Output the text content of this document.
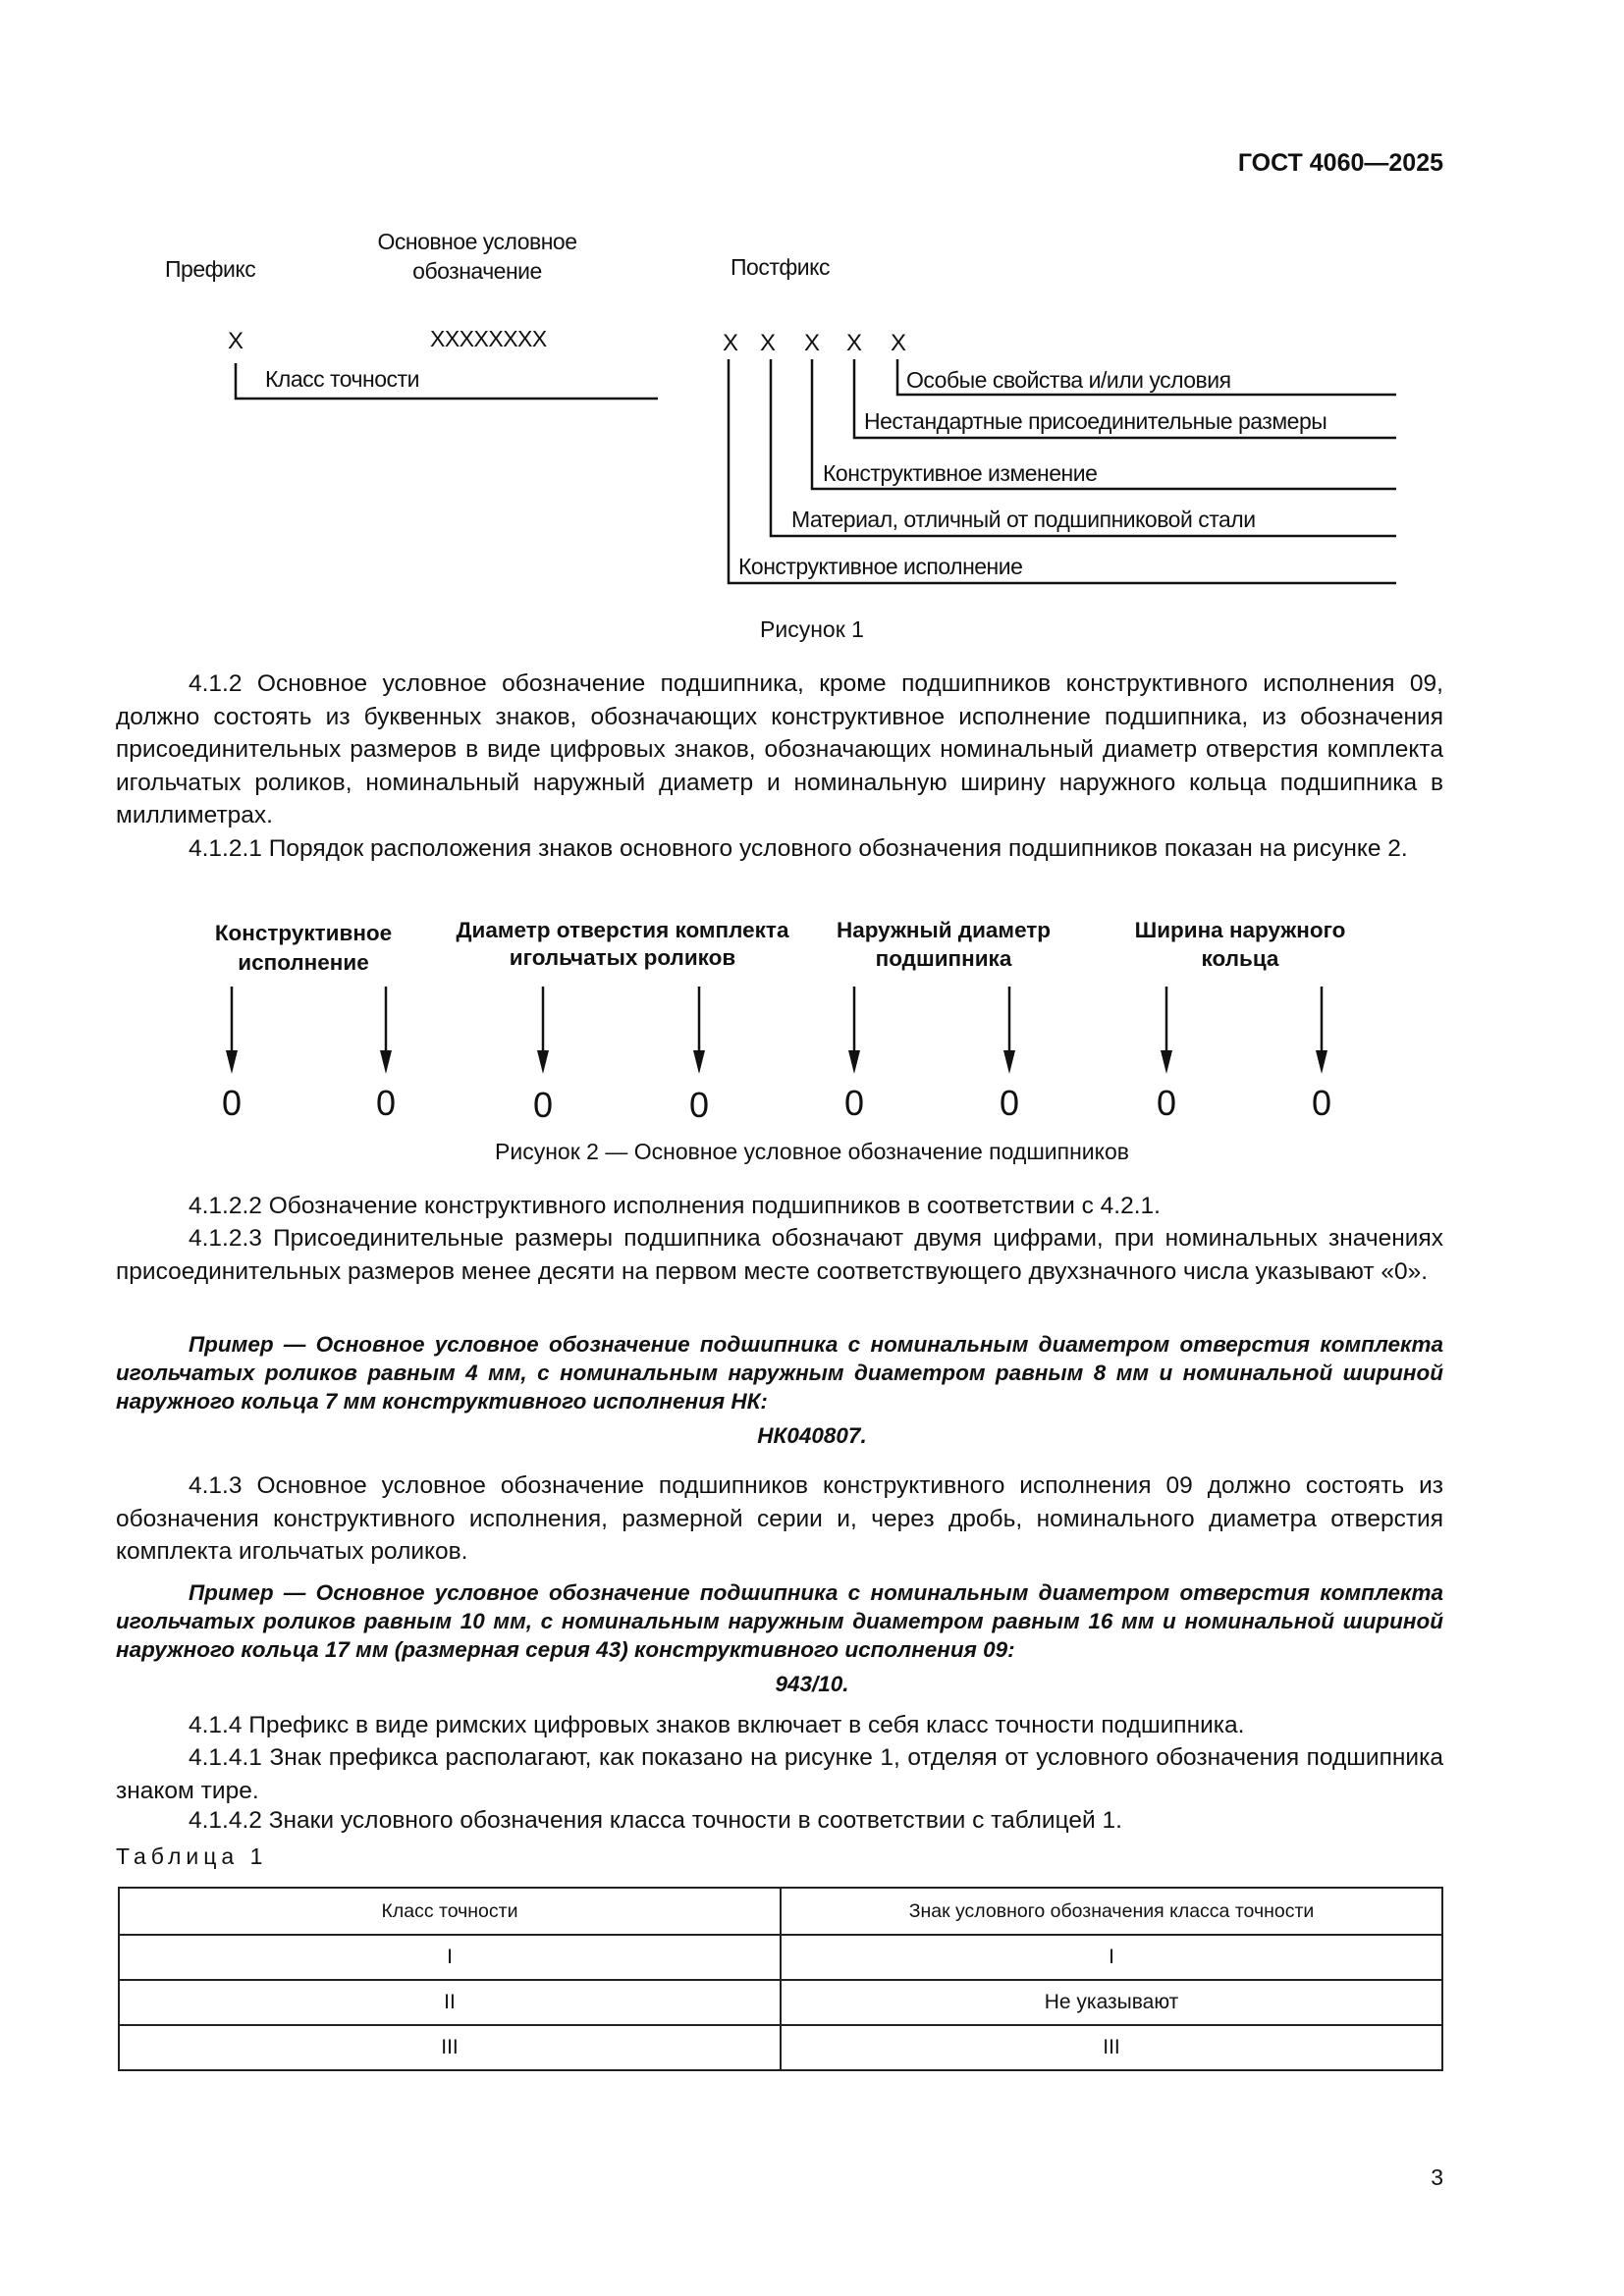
ГОСТ 4060—2025
Префикс
Основное условное
обозначение	Постфикс
Х	ХХХХХХХХ	Х Х Х Х Х
Класс точности	Особые свойства и/или условия
Нестандартные присоединительные размеры
Конструктивное изменение
Материал, отличный от подшипниковой стали
Конструктивное исполнение
Рисунок 1

4.1.2 Основное условное обозначение подшипника, кроме подшипников конструктивного исполнения 09, должно состоять из буквенных знаков, обозначающих конструктивное исполнение подшипника, из обозначения присоединительных размеров в виде цифровых знаков, обозначающих номинальный диаметр отверстия комплекта игольчатых роликов, номинальный наружный диаметр и номинальную ширину наружного кольца подшипника в миллиметрах.

4.1.2.1 Порядок расположения знаков основного условного обозначения подшипников показан на рисунке 2.

Конструктивное
исполнение
Диаметр отверстия комплекта
игольчатых роликов
Наружный диаметр
подшипника
Ширина наружного
кольца
0	0	0	0	0	0	0	0
Рисунок 2 — Основное условное обозначение подшипников

4.1.2.2 Обозначение конструктивного исполнения подшипников в соответствии с 4.2.1.

4.1.2.3 Присоединительные размеры подшипника обозначают двумя цифрами, при номинальных значениях присоединительных размеров менее десяти на первом месте соответствующего двухзначного числа указывают «0».

Пример — Основное условное обозначение подшипника с номинальным диаметром отверстия комплекта игольчатых роликов равным 4 мм, с номинальным наружным диаметром равным 8 мм и номинальной шириной наружного кольца 7 мм конструктивного исполнения НК:

НК040807.

4.1.3 Основное условное обозначение подшипников конструктивного исполнения 09 должно состоять из обозначения конструктивного исполнения, размерной серии и, через дробь, номинального диаметра отверстия комплекта игольчатых роликов.

Пример — Основное условное обозначение подшипника с номинальным диаметром отверстия комплекта игольчатых роликов равным 10 мм, с номинальным наружным диаметром равным 16 мм и номинальной шириной наружного кольца 17 мм (размерная серия 43) конструктивного исполнения 09:

943/10.

4.1.4 Префикс в виде римских цифровых знаков включает в себя класс точности подшипника.

4.1.4.1 Знак префикса располагают, как показано на рисунке 1, отделяя от условного обозначения подшипника знаком тире.

4.1.4.2 Знаки условного обозначения класса точности в соответствии с таблицей 1.

Таблица 1
Класс точности	Знак условного обозначения класса точности
I	I
II	Не указывают
III	III
3
